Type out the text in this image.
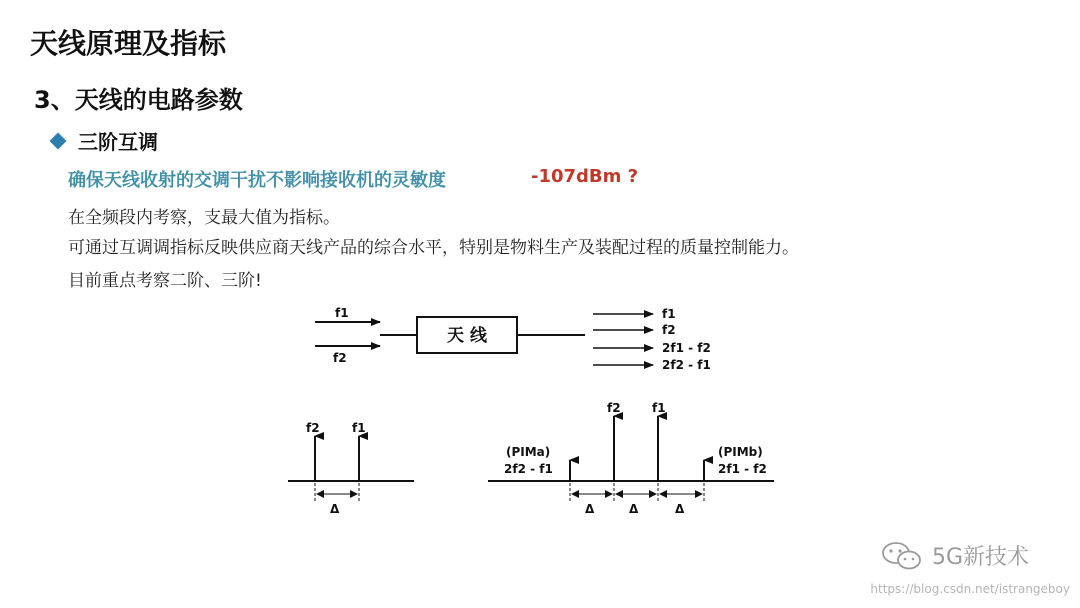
天线原理及指标
3、天线的电路参数
三阶互调
确保天线收射的交调干扰不影响接收机的灵敏度	-107dBm ?
在全频段内考察，支最大值为指标。
可通过互调调指标反映供应商天线产品的综合水平，特别是物料生产及装配过程的质量控制能力。
目前重点考察二阶、三阶!
f1
f2
天 线
f1
f2
2f1 - f2
2f2 - f1
f2	f1
Δ
(PIMa)
2f2 - f1
f2	f1
(PIMb)
2f1 - f2
Δ	Δ	Δ
5G新技术
https://blog.csdn.net/istrangeboy
